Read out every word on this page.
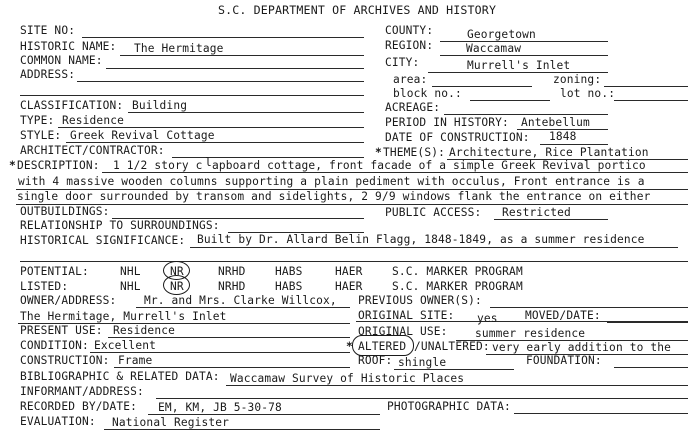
S.C. DEPARTMENT OF ARCHIVES AND HISTORY
SITE NO:
HISTORIC NAME: The Hermitage
COMMON NAME:
ADDRESS:
CLASSIFICATION: Building
TYPE: Residence
STYLE: Greek Revival Cottage
ARCHITECT/CONTRACTOR:
* DESCRIPTION: 1 1/2 story c l apboard cottage, front facade of a simple Greek Revival portico
with 4 massive wooden columns supporting a plain pediment with occulus, Front entrance is a
single door surrounded by transom and sidelights, 2 9/9 windows flank the entrance on either
OUTBUILDINGS:
RELATIONSHIP TO SURROUNDINGS:
HISTORICAL SIGNIFICANCE: Built by Dr. Allard Belin Flagg, 1848-1849, as a summer residence
COUNTY:	Georgetown
REGION:	Waccamaw
CITY:	Murrell's Inlet
area:	zoning:
block no.:	lot no.:
ACREAGE:
PERIOD IN HISTORY: Antebellum
DATE OF CONSTRUCTION: 1848
* THEME(S): Architecture, Rice Plantation
PUBLIC ACCESS: Restricted
POTENTIAL:	NHL	NR	NRHD	HABS	HAER	S.C. MARKER PROGRAM
LISTED:	NHL	NR	NRHD	HABS	HAER	S.C. MARKER PROGRAM
OWNER/ADDRESS: Mr. and Mrs. Clarke Willcox,
The Hermitage, Murrell's Inlet
PRESENT USE: Residence
CONDITION: Excellent
CONSTRUCTION: Frame
BIBLIOGRAPHIC & RELATED DATA: Waccamaw Survey of Historic Places
INFORMANT/ADDRESS:
RECORDED BY/DATE: EM, KM, JB 5-30-78
EVALUATION: National Register
PREVIOUS OWNER(S):
ORIGINAL SITE: yes MOVED/DATE:
ORIGINAL USE: summer residence
* ALTERED /UNALTERED: very early addition to the
ROOF: shingle	FOUNDATION:
PHOTOGRAPHIC DATA:
